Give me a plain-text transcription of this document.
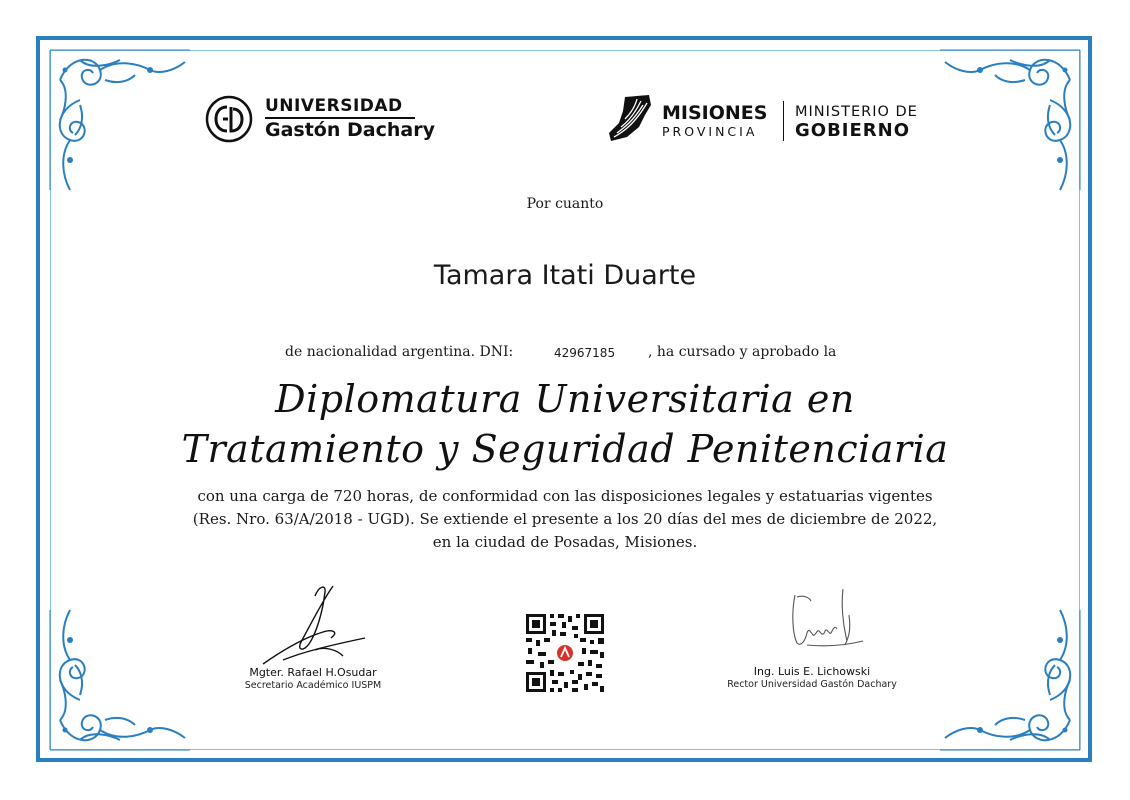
UNIVERSIDAD
Gastón Dachary
MISIONES
PROVINCIA
MINISTERIO DE
GOBIERNO
Por cuanto
Tamara Itati Duarte
de nacionalidad argentina. DNI:	42967185 , ha cursado y aprobado la
Diplomatura Universitaria en
Tratamiento y Seguridad Penitenciaria
con una carga de 720 horas, de conformidad con las disposiciones legales y estatuarias vigentes
(Res. Nro. 63/A/2018 - UGD). Se extiende el presente a los 20 días del mes de diciembre de 2022,
en la ciudad de Posadas, Misiones.
Mgter. Rafael H.Osudar
Secretario Académico IUSPM
Ing. Luis E. Lichowski
Rector Universidad Gastón Dachary
